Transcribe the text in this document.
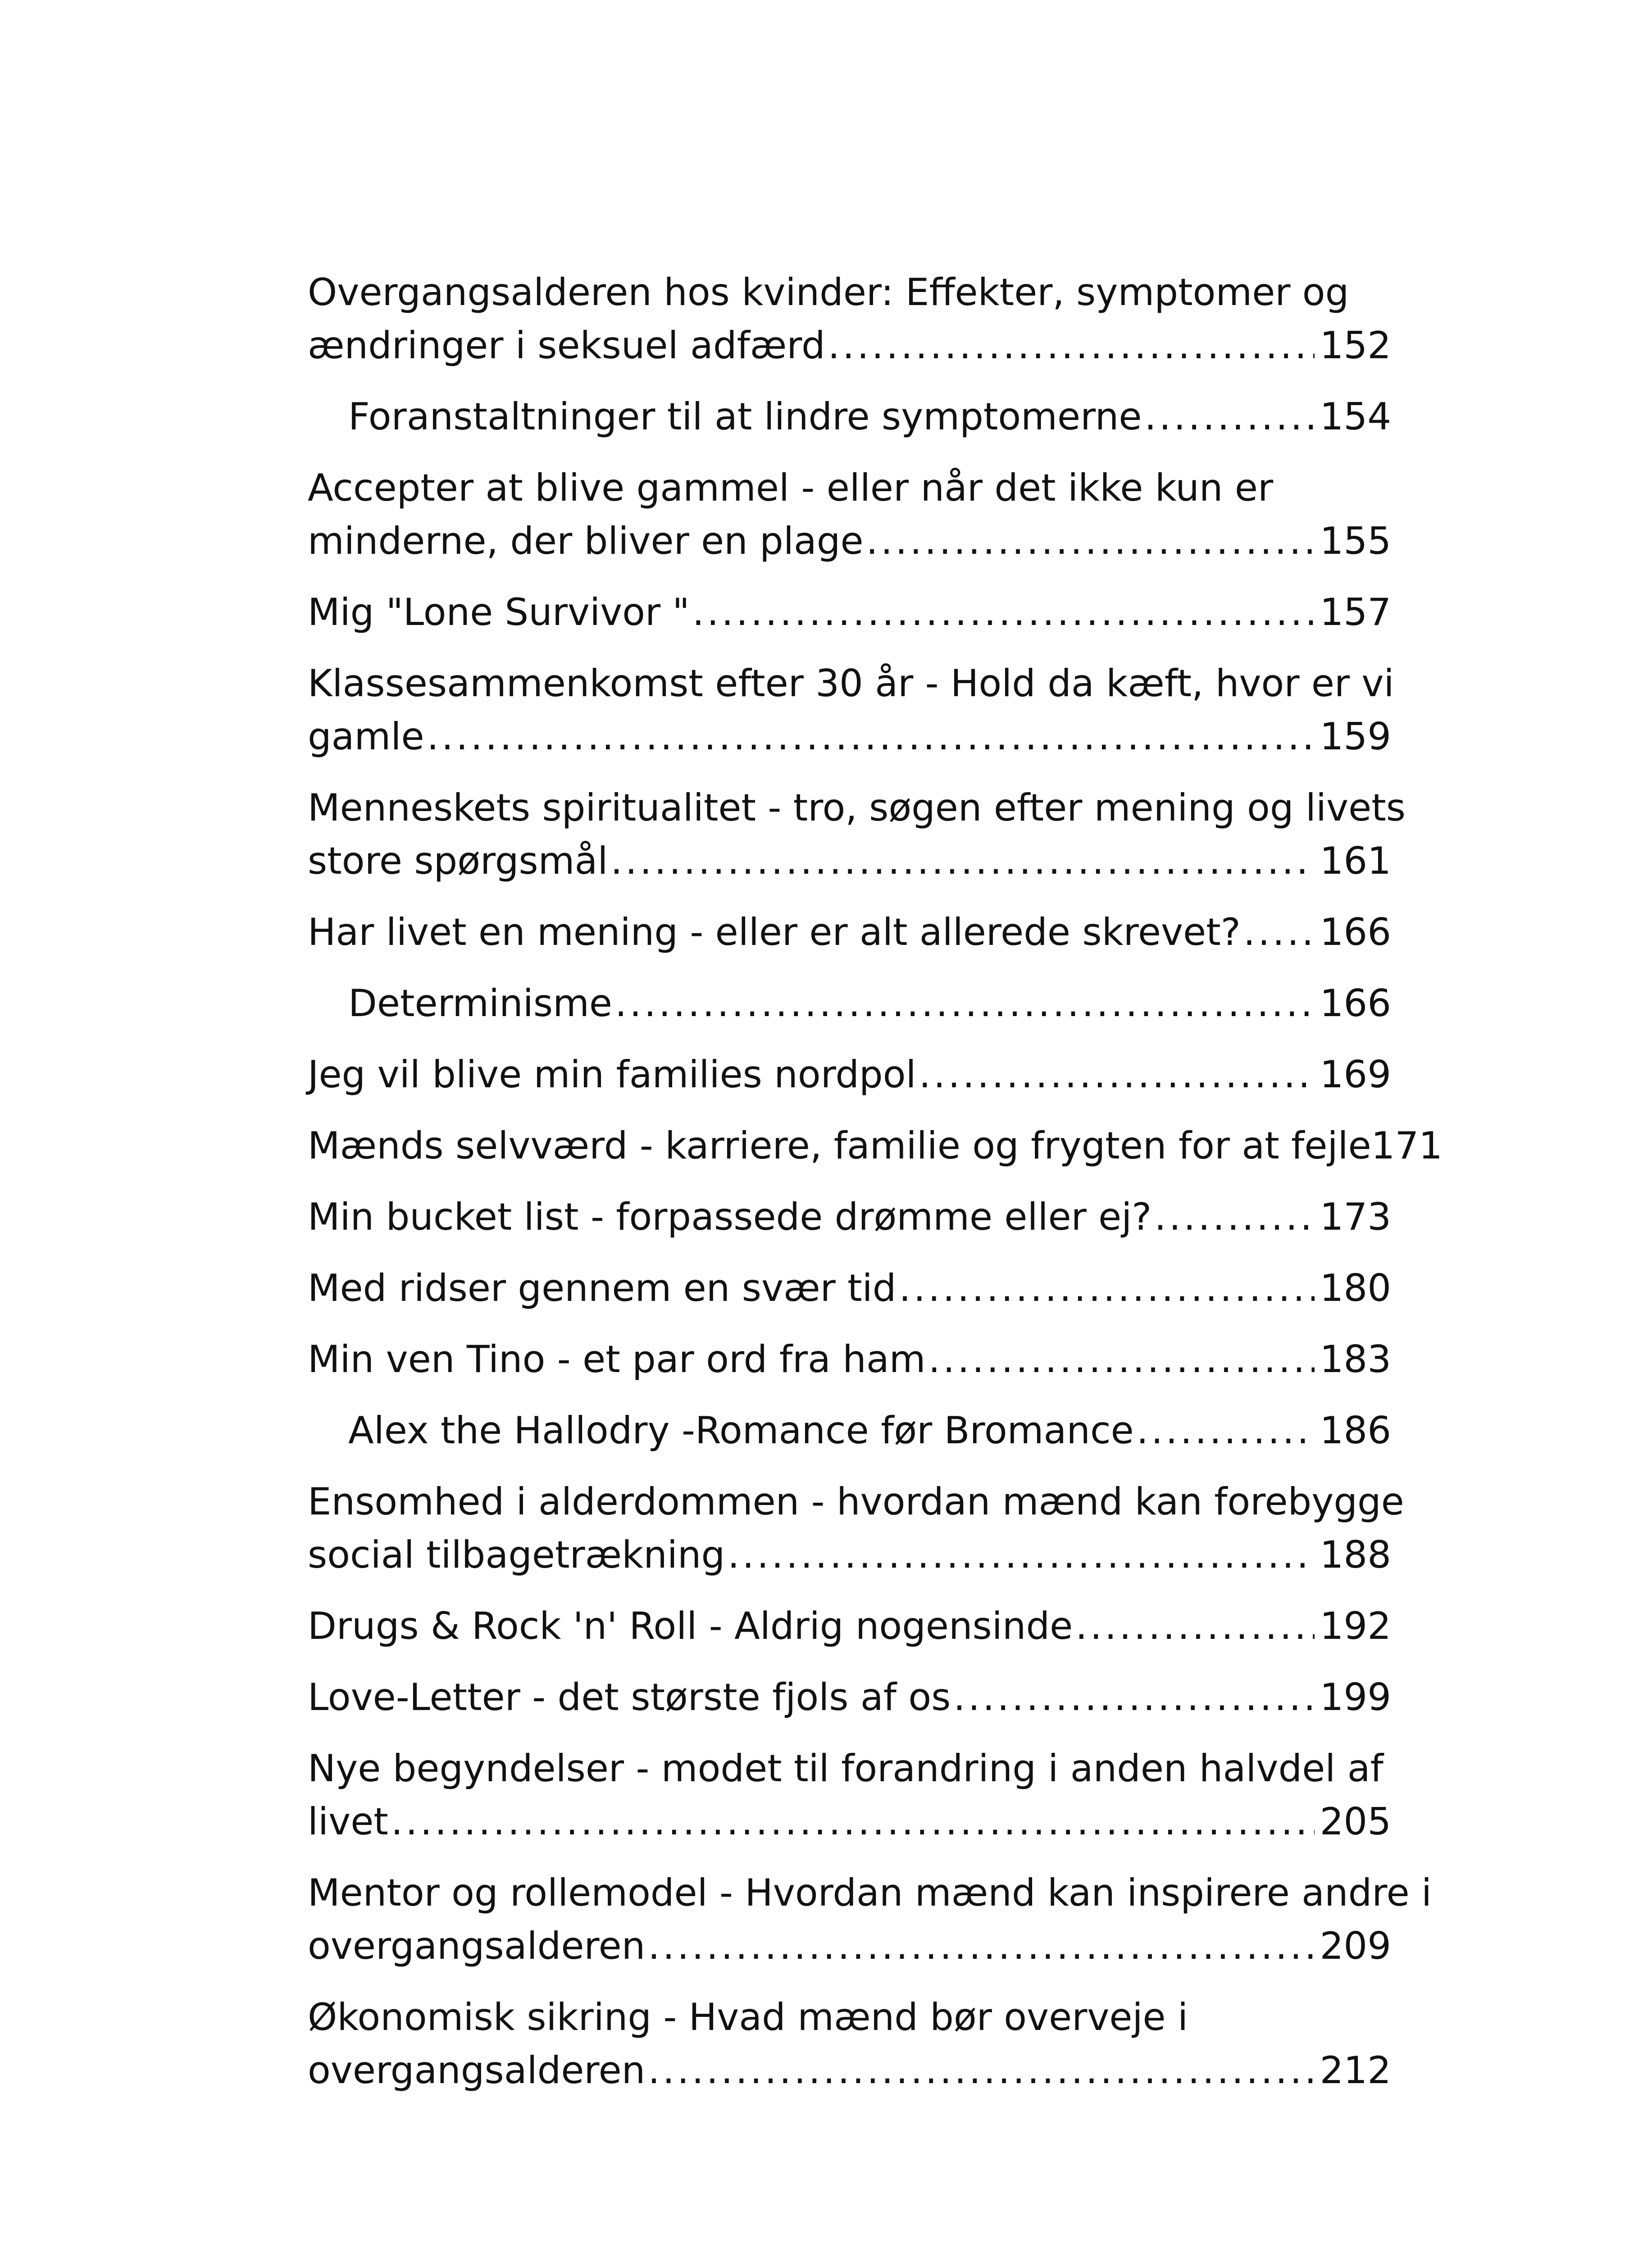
Overgangsalderen hos kvinder: Effekter, symptomer og
ændringer i seksuel adfærd .....	152
Foranstaltninger til at lindre symptomerne .....	154
Accepter at blive gammel - eller når det ikke kun er
minderne, der bliver en plage .....	155
Mig "Lone Survivor " .....	157
Klassesammenkomst efter 30 år - Hold da kæft, hvor er vi
gamle .....	159
Menneskets spiritualitet - tro, søgen efter mening og livets
store spørgsmål .....	161
Har livet en mening - eller er alt allerede skrevet? ..... 166
Determinisme .....	166
Jeg vil blive min families nordpol .....	169
Mænds selvværd - karriere, familie og frygten for at fejle 171
Min bucket list - forpassede drømme eller ej? .....	173
Med ridser gennem en svær tid .....	180
Min ven Tino - et par ord fra ham .....	183
Alex the Hallodry -Romance før Bromance .....	186
Ensomhed i alderdommen - hvordan mænd kan forebygge
social tilbagetrækning .....	188
Drugs & Rock 'n' Roll - Aldrig nogensinde .....	192
Love-Letter - det største fjols af os .....	199
Nye begyndelser - modet til forandring i anden halvdel af
livet .....	205
Mentor og rollemodel - Hvordan mænd kan inspirere andre i
overgangsalderen .....	209
Økonomisk sikring - Hvad mænd bør overveje i
overgangsalderen .....	212
